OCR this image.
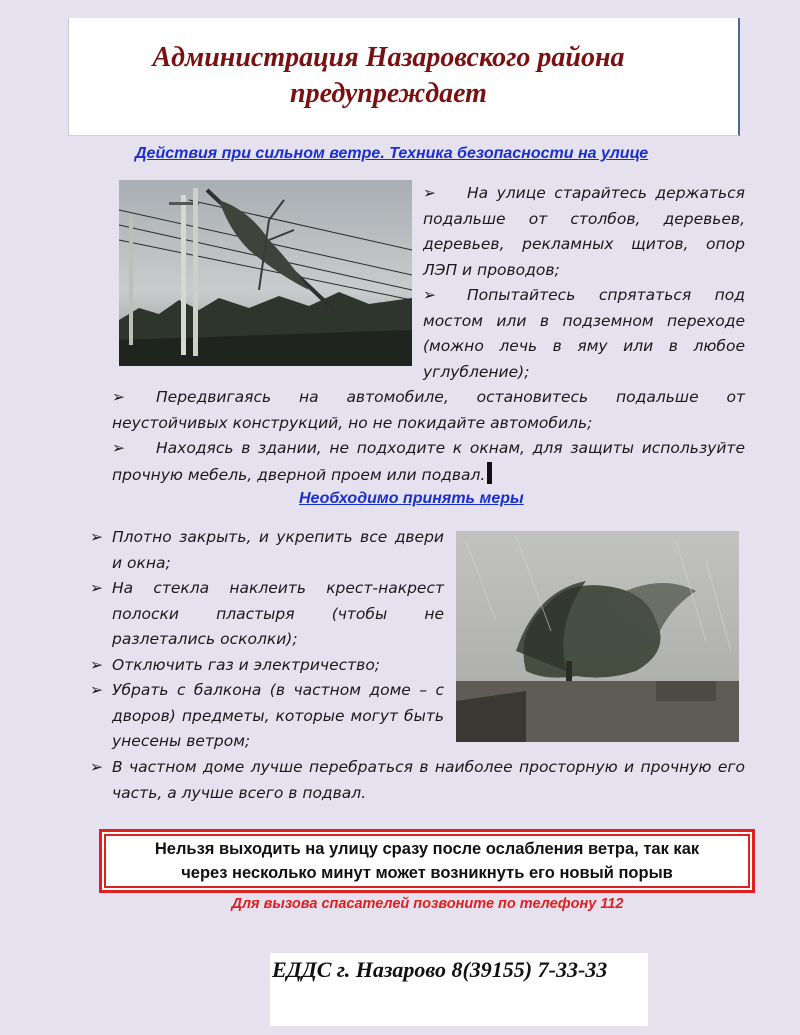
Администрация Назаровского района
предупреждает
Действия при сильном ветре. Техника безопасности на улице

➢ На улице старайтесь держаться подальше от столбов, деревьев, деревьев, рекламных щитов, опор ЛЭП и проводов;

➢ Попытайтесь спрятаться под мостом или в подземном переходе (можно лечь в яму или в любое углубление);

➢ Передвигаясь на автомобиле, остановитесь подальше от неустойчивых конструкций, но не покидайте автомобиль;

➢ Находясь в здании, не подходите к окнам, для защиты используйте прочную мебель, дверной проем или подвал.

Необходимо принять меры
➢ Плотно закрыть, и укрепить все двери и окна;
➢ На стекла наклеить крест-накрест полоски пластыря (чтобы не разлетались осколки);
➢ Отключить газ и электричество;
➢ Убрать с балкона (в частном доме – с дворов) предметы, которые могут быть унесены ветром;
➢ В частном доме лучше перебраться в наиболее просторную и прочную его часть, а лучше всего в подвал.
Нельзя выходить на улицу сразу после ослабления ветра, так как
через несколько минут может возникнуть его новый порыв
Для вызова спасателей позвоните по телефону 112
ЕДДС г. Назарово 8(39155) 7-33-33
